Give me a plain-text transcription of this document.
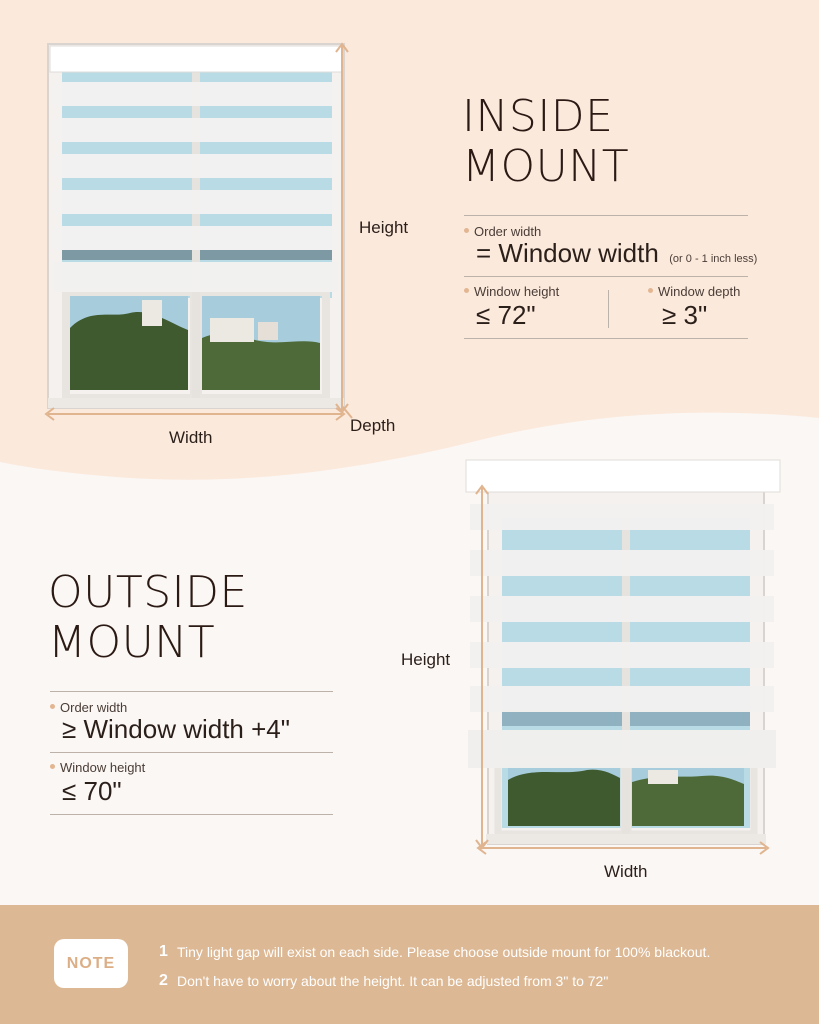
Height
Width
Depth
INSIDE
MOUNT
Order width
= Window width (or 0 - 1 inch less)
Window height
≤ 72"
Window depth
≥ 3"
OUTSIDE
MOUNT
Order width
≥ Window width +4"
Window height
≤ 70"
Height
Width
NOTE
1 Tiny light gap will exist on each side. Please choose outside mount for 100% blackout.
2 Don't have to worry about the height. It can be adjusted from 3" to 72"
